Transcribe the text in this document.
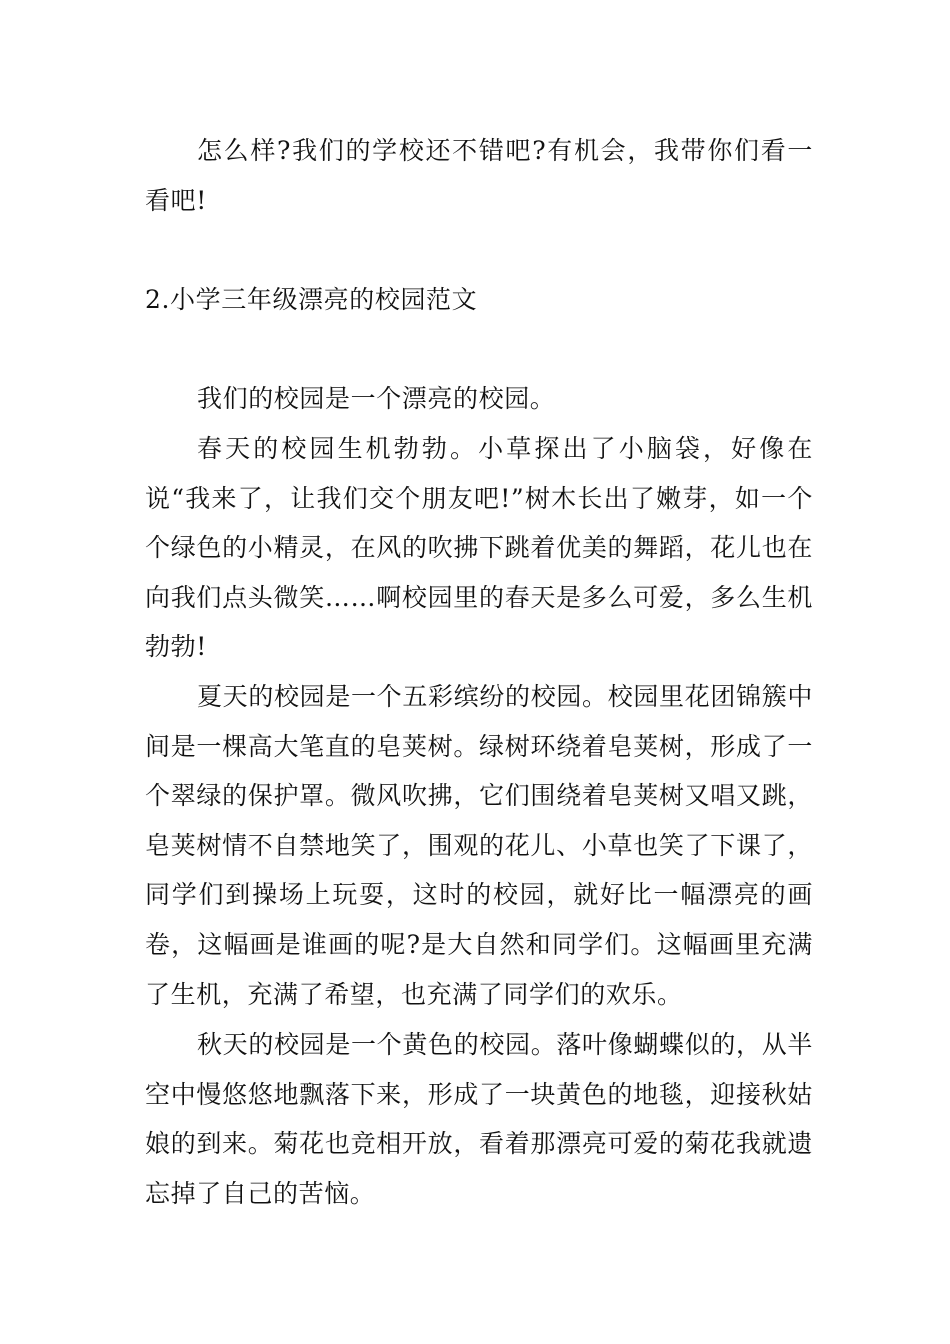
怎么样?我们的学校还不错吧?有机会，我带你们看一看吧!

2.小学三年级漂亮的校园范文

我们的校园是一个漂亮的校园。

春天的校园生机勃勃。小草探出了小脑袋，好像在说“我来了，让我们交个朋友吧!”树木长出了嫩芽，如一个个绿色的小精灵，在风的吹拂下跳着优美的舞蹈，花儿也在向我们点头微笑……啊校园里的春天是多么可爱，多么生机勃勃!

夏天的校园是一个五彩缤纷的校园。校园里花团锦簇中间是一棵高大笔直的皂荚树。绿树环绕着皂荚树，形成了一个翠绿的保护罩。微风吹拂，它们围绕着皂荚树又唱又跳，皂荚树情不自禁地笑了，围观的花儿、小草也笑了下课了，同学们到操场上玩耍，这时的校园，就好比一幅漂亮的画卷，这幅画是谁画的呢?是大自然和同学们。这幅画里充满了生机，充满了希望，也充满了同学们的欢乐。

秋天的校园是一个黄色的校园。落叶像蝴蝶似的，从半空中慢悠悠地飘落下来，形成了一块黄色的地毯，迎接秋姑娘的到来。菊花也竞相开放，看着那漂亮可爱的菊花我就遗忘掉了自己的苦恼。
